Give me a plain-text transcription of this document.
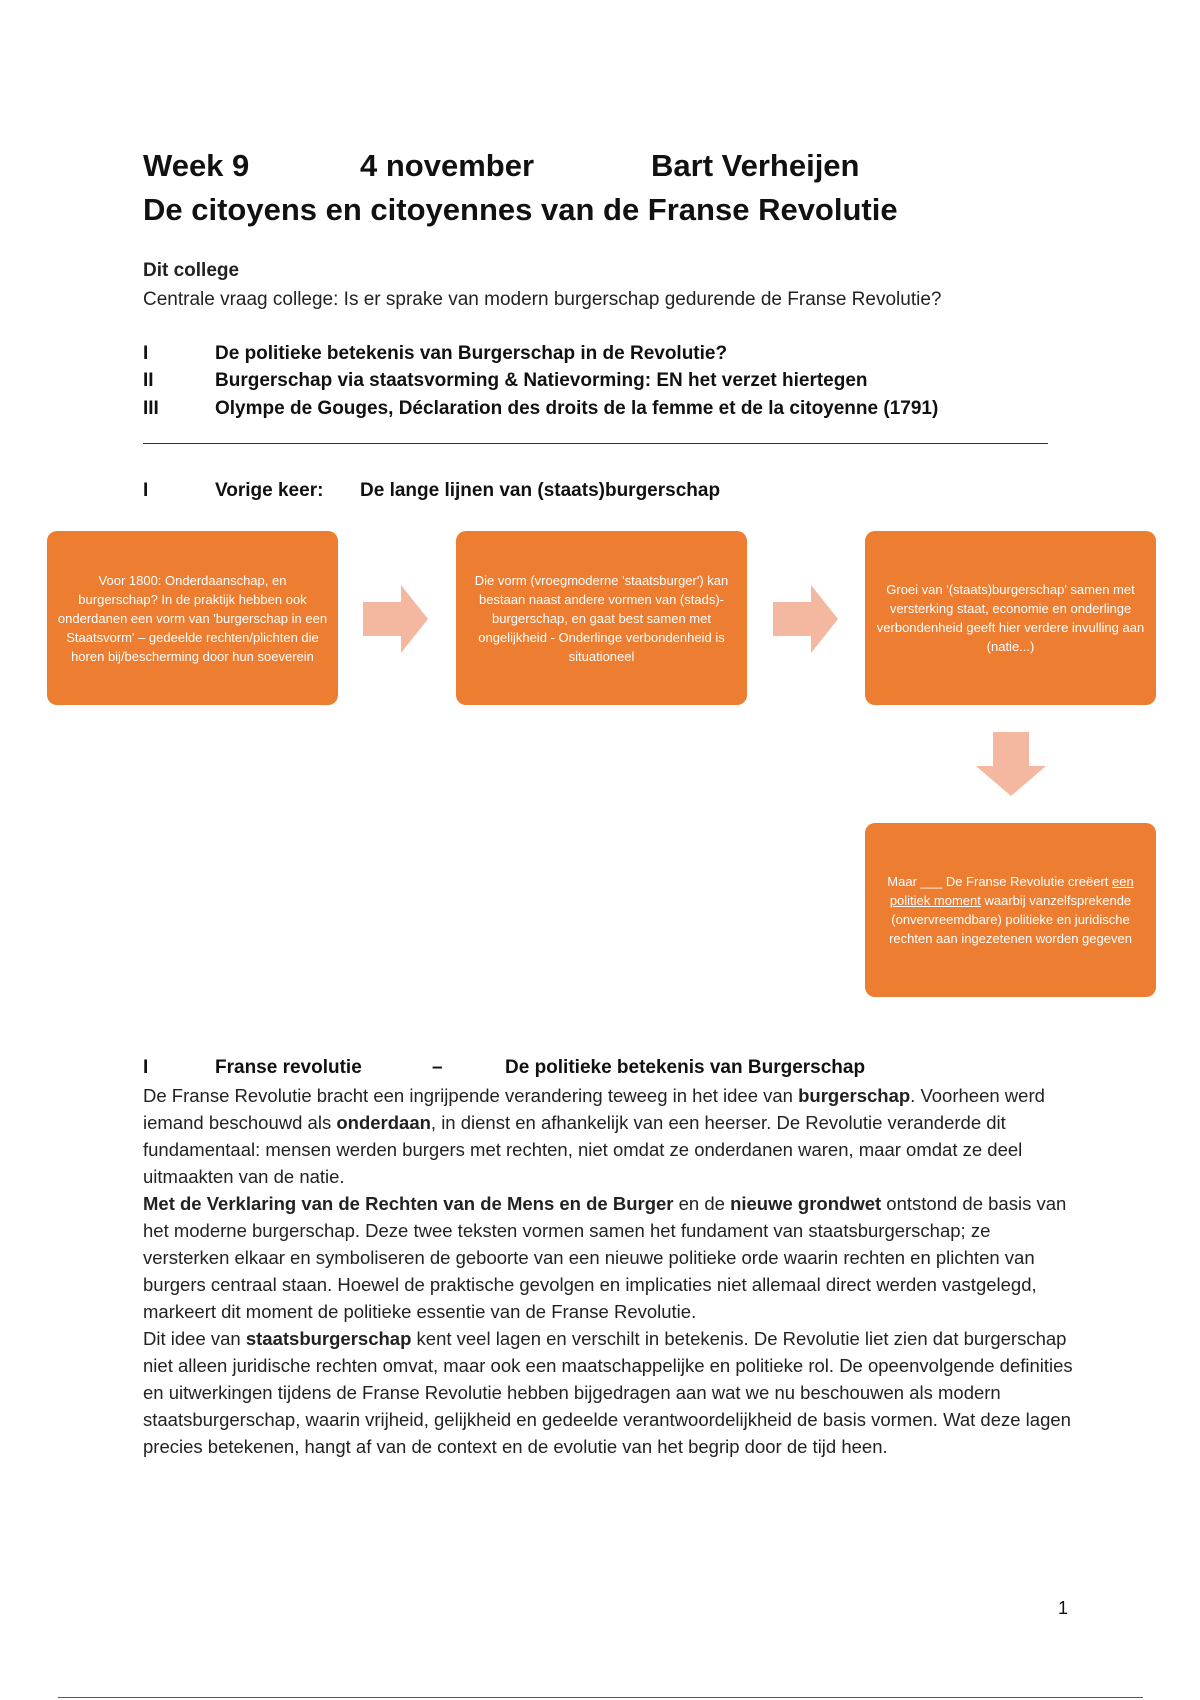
Week 9	4 november	Bart Verheijen
De citoyens en citoyennes van de Franse Revolutie
Dit college
Centrale vraag college: Is er sprake van modern burgerschap gedurende de Franse Revolutie?
I	De politieke betekenis van Burgerschap in de Revolutie?
II	Burgerschap via staatsvorming & Natievorming: EN het verzet hiertegen
III	Olympe de Gouges, Déclaration des droits de la femme et de la citoyenne (1791)
I	Vorige keer: De lange lijnen van (staats)burgerschap
Voor 1800: Onderdaanschap, en burgerschap? In de praktijk hebben ook onderdanen een vorm van 'burgerschap in een Staatsvorm' – gedeelde rechten/plichten die horen bij/bescherming door hun soeverein
Die vorm (vroegmoderne 'staatsburger') kan bestaan naast andere vormen van (stads)-burgerschap, en gaat best samen met ongelijkheid - Onderlinge verbondenheid is situationeel
Groei van '(staats)burgerschap' samen met versterking staat, economie en onderlinge verbondenheid geeft hier verdere invulling aan (natie...)
Maar ___ De Franse Revolutie creëert een politiek moment waarbij vanzelfsprekende (onvervreemdbare) politieke en juridische rechten aan ingezetenen worden gegeven
I	Franse revolutie	–	De politieke betekenis van Burgerschap

De Franse Revolutie bracht een ingrijpende verandering teweeg in het idee van burgerschap. Voorheen werd iemand beschouwd als onderdaan, in dienst en afhankelijk van een heerser. De Revolutie veranderde dit fundamentaal: mensen werden burgers met rechten, niet omdat ze onderdanen waren, maar omdat ze deel uitmaakten van de natie.

Met de Verklaring van de Rechten van de Mens en de Burger en de nieuwe grondwet ontstond de basis van het moderne burgerschap. Deze twee teksten vormen samen het fundament van staatsburgerschap; ze versterken elkaar en symboliseren de geboorte van een nieuwe politieke orde waarin rechten en plichten van burgers centraal staan. Hoewel de praktische gevolgen en implicaties niet allemaal direct werden vastgelegd, markeert dit moment de politieke essentie van de Franse Revolutie.

Dit idee van staatsburgerschap kent veel lagen en verschilt in betekenis. De Revolutie liet zien dat burgerschap niet alleen juridische rechten omvat, maar ook een maatschappelijke en politieke rol. De opeenvolgende definities en uitwerkingen tijdens de Franse Revolutie hebben bijgedragen aan wat we nu beschouwen als modern staatsburgerschap, waarin vrijheid, gelijkheid en gedeelde verantwoordelijkheid de basis vormen. Wat deze lagen precies betekenen, hangt af van de context en de evolutie van het begrip door de tijd heen.

1
